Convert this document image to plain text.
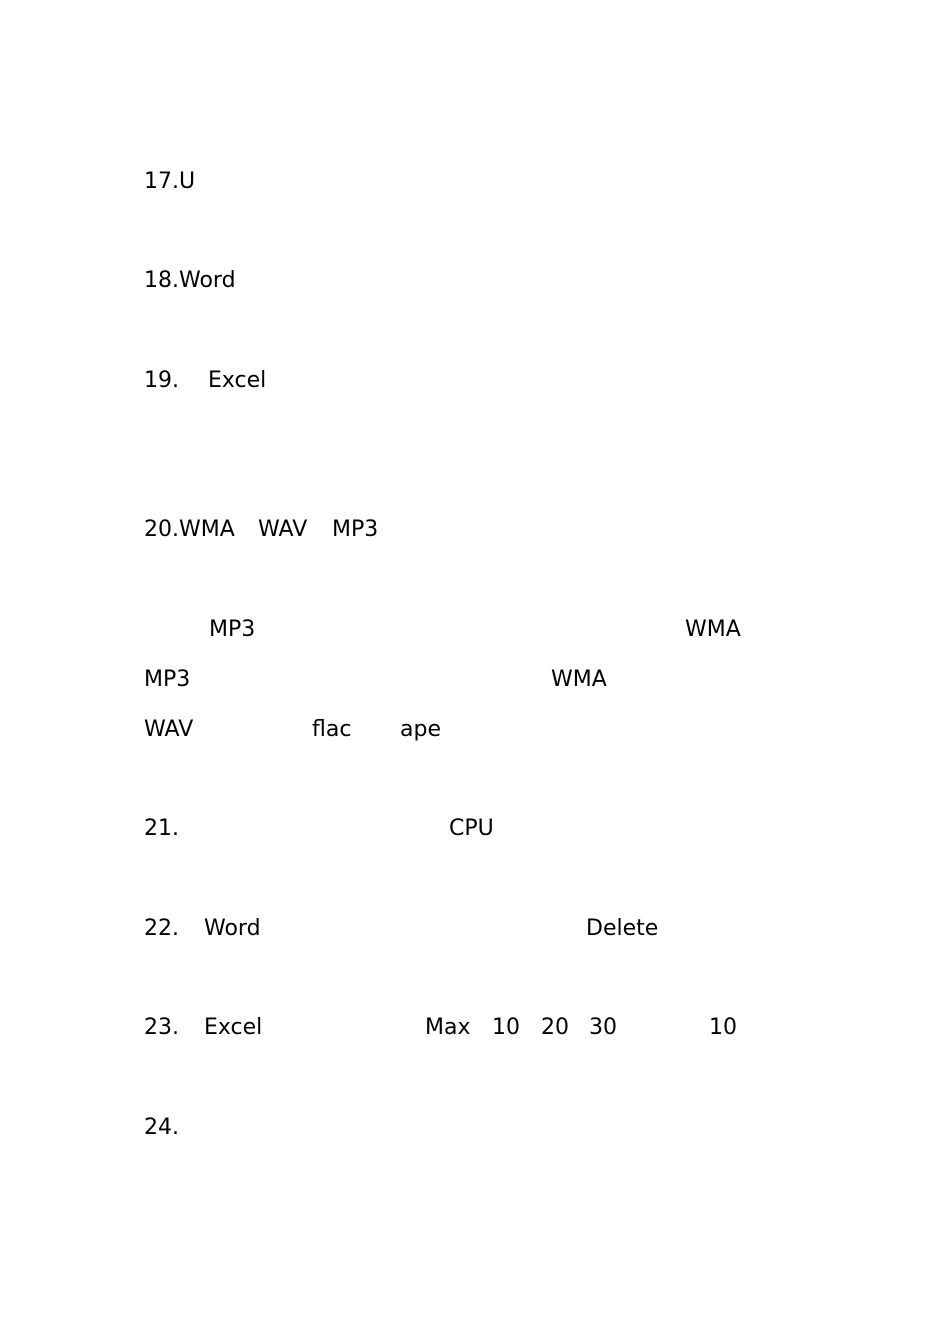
17.U
18.Word
19. Excel
20.WMA WAV MP3
MP3	WMA
MP3	WMA
WAV	flac ape
21.	CPU
22. Word	Delete
23. Excel	Max 10 20 30	10
24.
